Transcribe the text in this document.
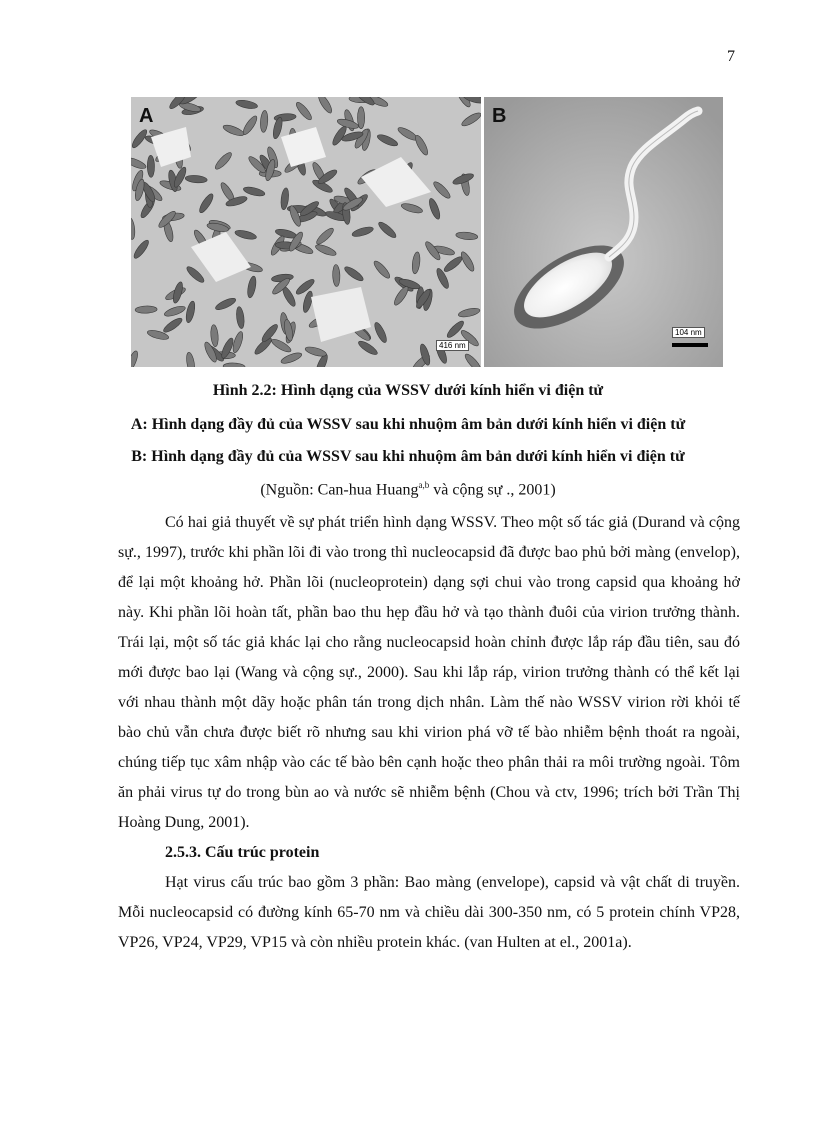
7
A
416 nm
B
104 nm
Hình 2.2: Hình dạng của WSSV dưới kính hiển vi điện tử
A: Hình dạng đầy đủ của WSSV sau khi nhuộm âm bản dưới kính hiển vi điện tử
B: Hình dạng đầy đủ của WSSV sau khi nhuộm âm bản dưới kính hiển vi điện tử
(Nguồn: Can-hua Huang$^{a,b}$ và cộng sự ., 2001)

Có hai giả thuyết về sự phát triển hình dạng WSSV. Theo một số tác giả (Durand và cộng sự., 1997), trước khi phần lõi đi vào trong thì nucleocapsid đã được bao phủ bởi màng (envelop), để lại một khoảng hở. Phần lõi (nucleoprotein) dạng sợi chui vào trong capsid qua khoảng hở này. Khi phần lõi hoàn tất, phần bao thu hẹp đầu hở và tạo thành đuôi của virion trưởng thành. Trái lại, một số tác giả khác lại cho rằng nucleocapsid hoàn chỉnh được lắp ráp đầu tiên, sau đó mới được bao lại (Wang và cộng sự., 2000). Sau khi lắp ráp, virion trưởng thành có thể kết lại với nhau thành một dãy hoặc phân tán trong dịch nhân. Làm thế nào WSSV virion rời khỏi tế bào chủ vẫn chưa được biết rõ nhưng sau khi virion phá vỡ tế bào nhiễm bệnh thoát ra ngoài, chúng tiếp tục xâm nhập vào các tế bào bên cạnh hoặc theo phân thải ra môi trường ngoài. Tôm ăn phải virus tự do trong bùn ao và nước sẽ nhiễm bệnh (Chou và ctv, 1996; trích bởi Trần Thị Hoàng Dung, 2001).

2.5.3. Cấu trúc protein

Hạt virus cấu trúc bao gồm 3 phần: Bao màng (envelope), capsid và vật chất di truyền. Mỗi nucleocapsid có đường kính 65-70 nm và chiều dài 300-350 nm, có 5 protein chính VP28, VP26, VP24, VP29, VP15 và còn nhiều protein khác. (van Hulten at el., 2001a).
